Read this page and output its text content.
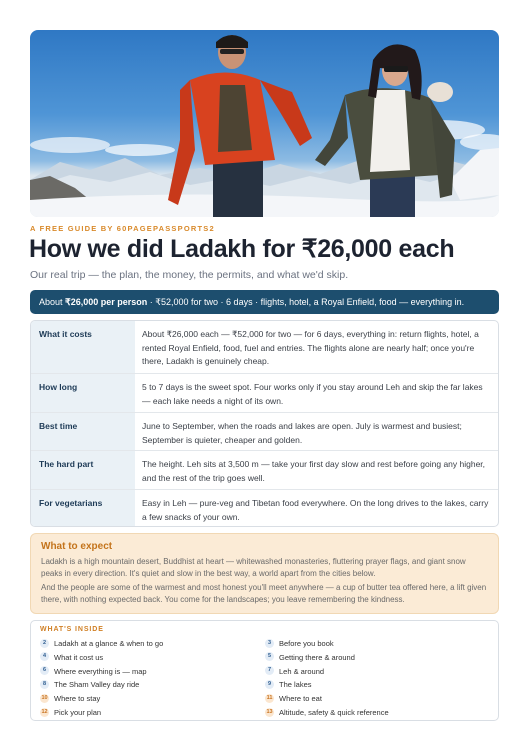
A FREE GUIDE BY 60PAGEPASSPORTS2
How we did Ladakh for ₹26,000 each

Our real trip — the plan, the money, the permits, and what we'd skip.

About ₹26,000 per person · ₹52,000 for two · 6 days · flights, hotel, a Royal Enfield, food — everything in.
What it costs	About ₹26,000 each — ₹52,000 for two — for 6 days, everything in: return flights, hotel, a rented Royal Enfield, food, fuel and entries. The flights alone are nearly half; once you're there, Ladakh is genuinely cheap.
How long	5 to 7 days is the sweet spot. Four works only if you stay around Leh and skip the far lakes — each lake needs a night of its own.
Best time	June to September, when the roads and lakes are open. July is warmest and busiest; September is quieter, cheaper and golden.
The hard part	The height. Leh sits at 3,500 m — take your first day slow and rest before going any higher, and the rest of the trip goes well.
For vegetarians	Easy in Leh — pure-veg and Tibetan food everywhere. On the long drives to the lakes, carry a few snacks of your own.
What to expect

Ladakh is a high mountain desert, Buddhist at heart — whitewashed monasteries, fluttering prayer flags, and giant snow peaks in every direction. It's quiet and slow in the best way, a world apart from the cities below.

And the people are some of the warmest and most honest you'll meet anywhere — a cup of butter tea offered here, a lift given there, with nothing expected back. You come for the landscapes; you leave remembering the kindness.

WHAT'S INSIDE
2 Ladakh at a glance & when to go	3 Before you book
4 What it cost us	5 Getting there & around
6 Where everything is — map	7 Leh & around
8 The Sham Valley day ride	9 The lakes
10 Where to stay	11 Where to eat
12 Pick your plan	13 Altitude, safety & quick reference
